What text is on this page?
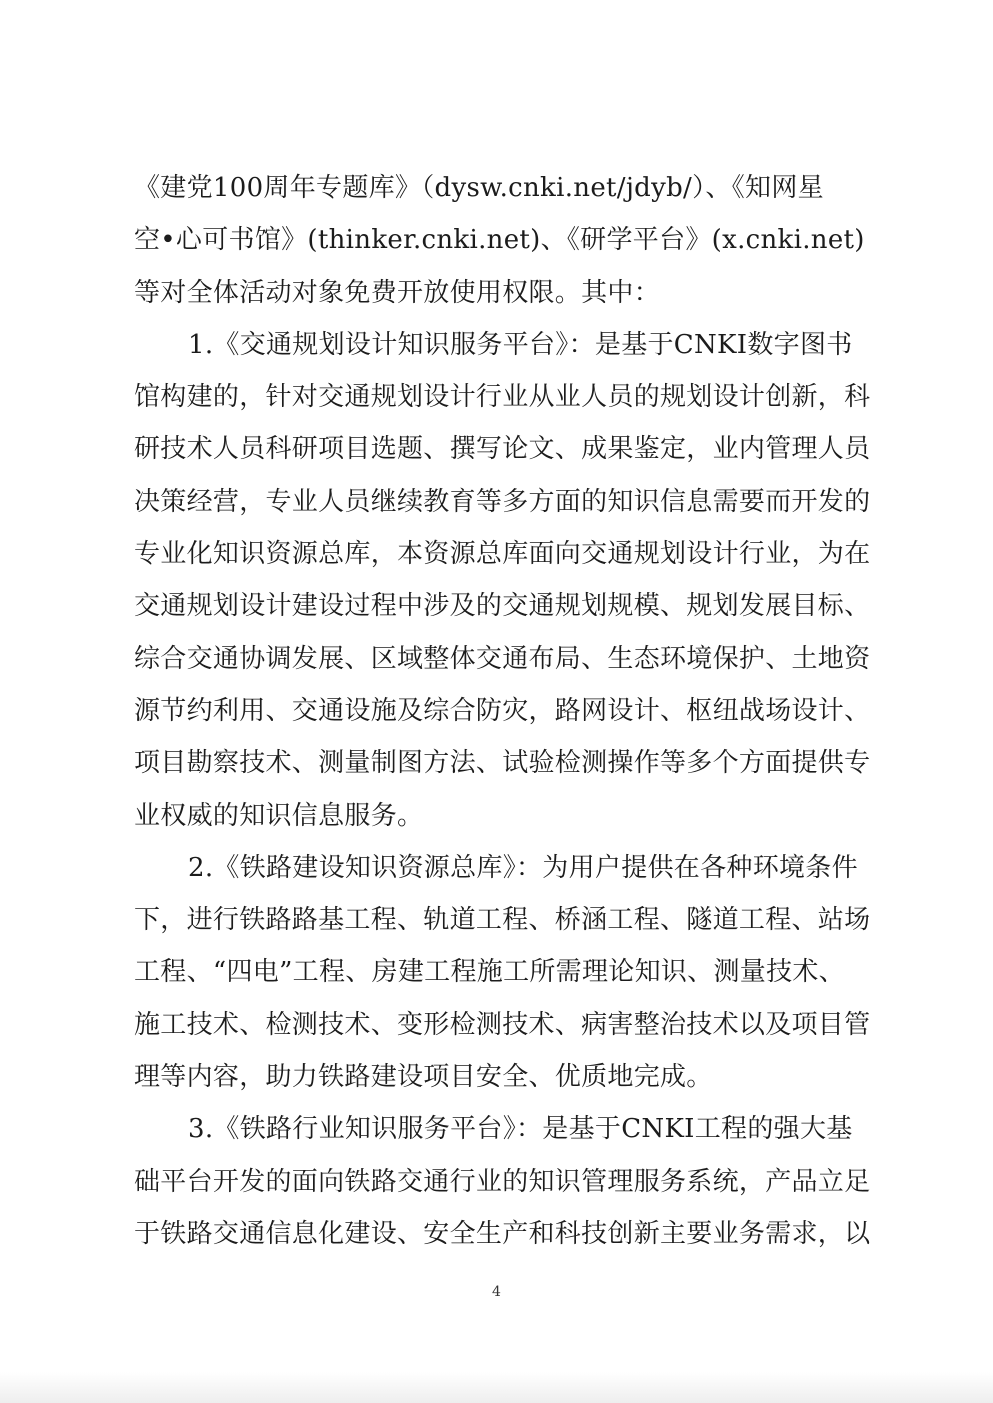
《建党100周年专题库》（dysw.cnki.net/jdyb/）、《知网星
空•心可书馆》(thinker.cnki.net)、《研学平台》(x.cnki.net)
等对全体活动对象免费开放使用权限。其中：
1.《交通规划设计知识服务平台》：是基于CNKI数字图书
馆构建的，针对交通规划设计行业从业人员的规划设计创新，科
研技术人员科研项目选题、撰写论文、成果鉴定，业内管理人员
决策经营，专业人员继续教育等多方面的知识信息需要而开发的
专业化知识资源总库，本资源总库面向交通规划设计行业，为在
交通规划设计建设过程中涉及的交通规划规模、规划发展目标、
综合交通协调发展、区域整体交通布局、生态环境保护、土地资
源节约利用、交通设施及综合防灾，路网设计、枢纽战场设计、
项目勘察技术、测量制图方法、试验检测操作等多个方面提供专
业权威的知识信息服务。
2.《铁路建设知识资源总库》：为用户提供在各种环境条件
下，进行铁路路基工程、轨道工程、桥涵工程、隧道工程、站场
工程、“四电”工程、房建工程施工所需理论知识、测量技术、
施工技术、检测技术、变形检测技术、病害整治技术以及项目管
理等内容，助力铁路建设项目安全、优质地完成。
3.《铁路行业知识服务平台》：是基于CNKI工程的强大基
础平台开发的面向铁路交通行业的知识管理服务系统，产品立足
于铁路交通信息化建设、安全生产和科技创新主要业务需求，以
4
